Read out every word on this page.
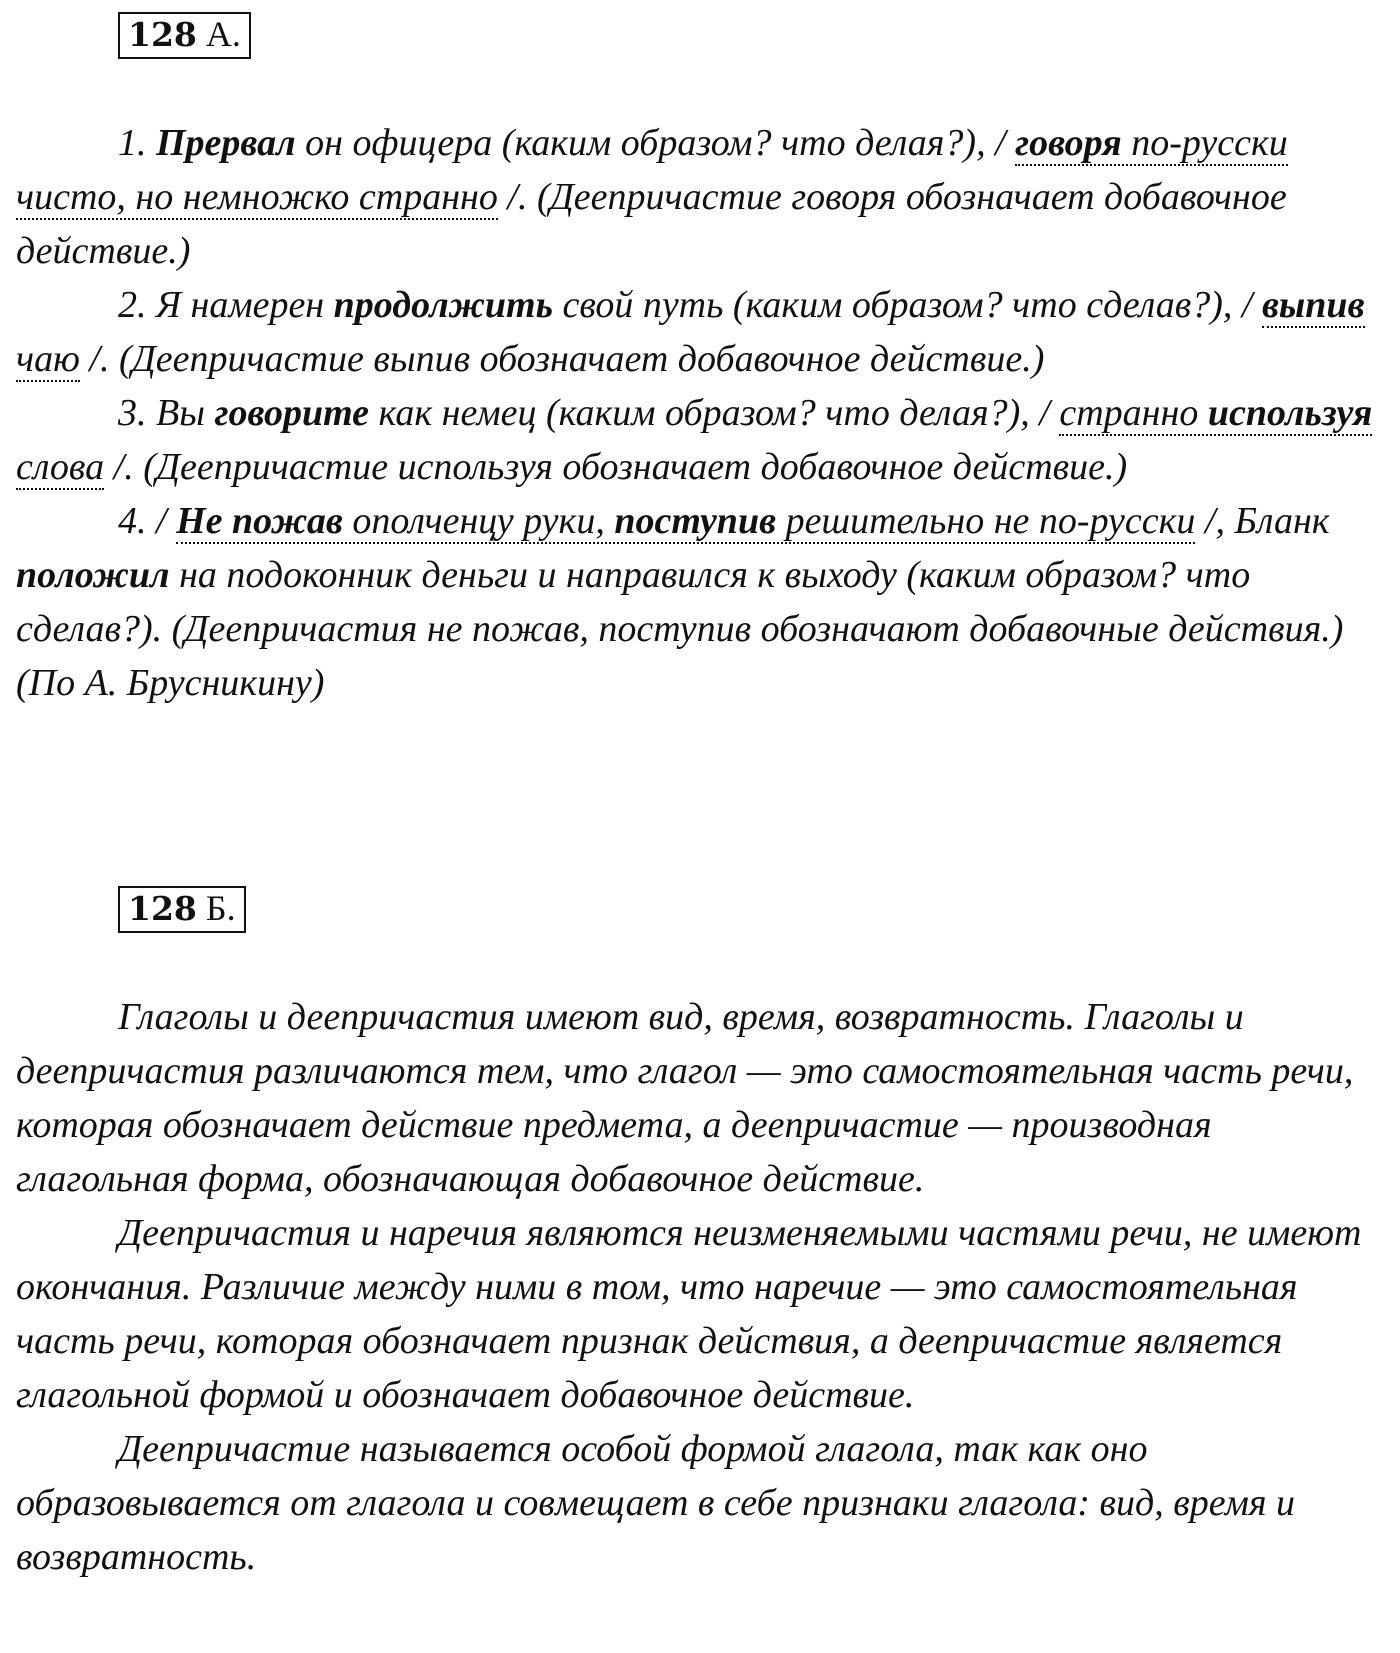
128 А.

1. Прервал он офицера (каким образом? что делая?), / говоря по-русски чисто, но немножко странно /. (Деепричастие говоря обозначает добавочное действие.)

2. Я намерен продолжить свой путь (каким образом? что сделав?), / выпив чаю /. (Деепричастие выпив обозначает добавочное действие.)

3. Вы говорите как немец (каким образом? что делая?), / странно используя слова /. (Деепричастие используя обозначает добавочное действие.)

4. / Не пожав ополченцу руки, поступив решительно не по-русски /, Бланк положил на подоконник деньги и направился к выходу (каким образом? что сделав?). (Деепричастия не пожав, поступив обозначают добавочные действия.) (По А. Брусникину)

128 Б.

Глаголы и деепричастия имеют вид, время, возвратность. Глаголы и деепричастия различаются тем, что глагол — это самостоятельная часть речи, которая обозначает действие предмета, а деепричастие — производная глагольная форма, обозначающая добавочное действие.

Деепричастия и наречия являются неизменяемыми частями речи, не имеют окончания. Различие между ними в том, что наречие — это самостоятельная часть речи, которая обозначает признак действия, а деепричастие является глагольной формой и обозначает добавочное действие.

Деепричастие называется особой формой глагола, так как оно образовывается от глагола и совмещает в себе признаки глагола: вид, время и возвратность.
